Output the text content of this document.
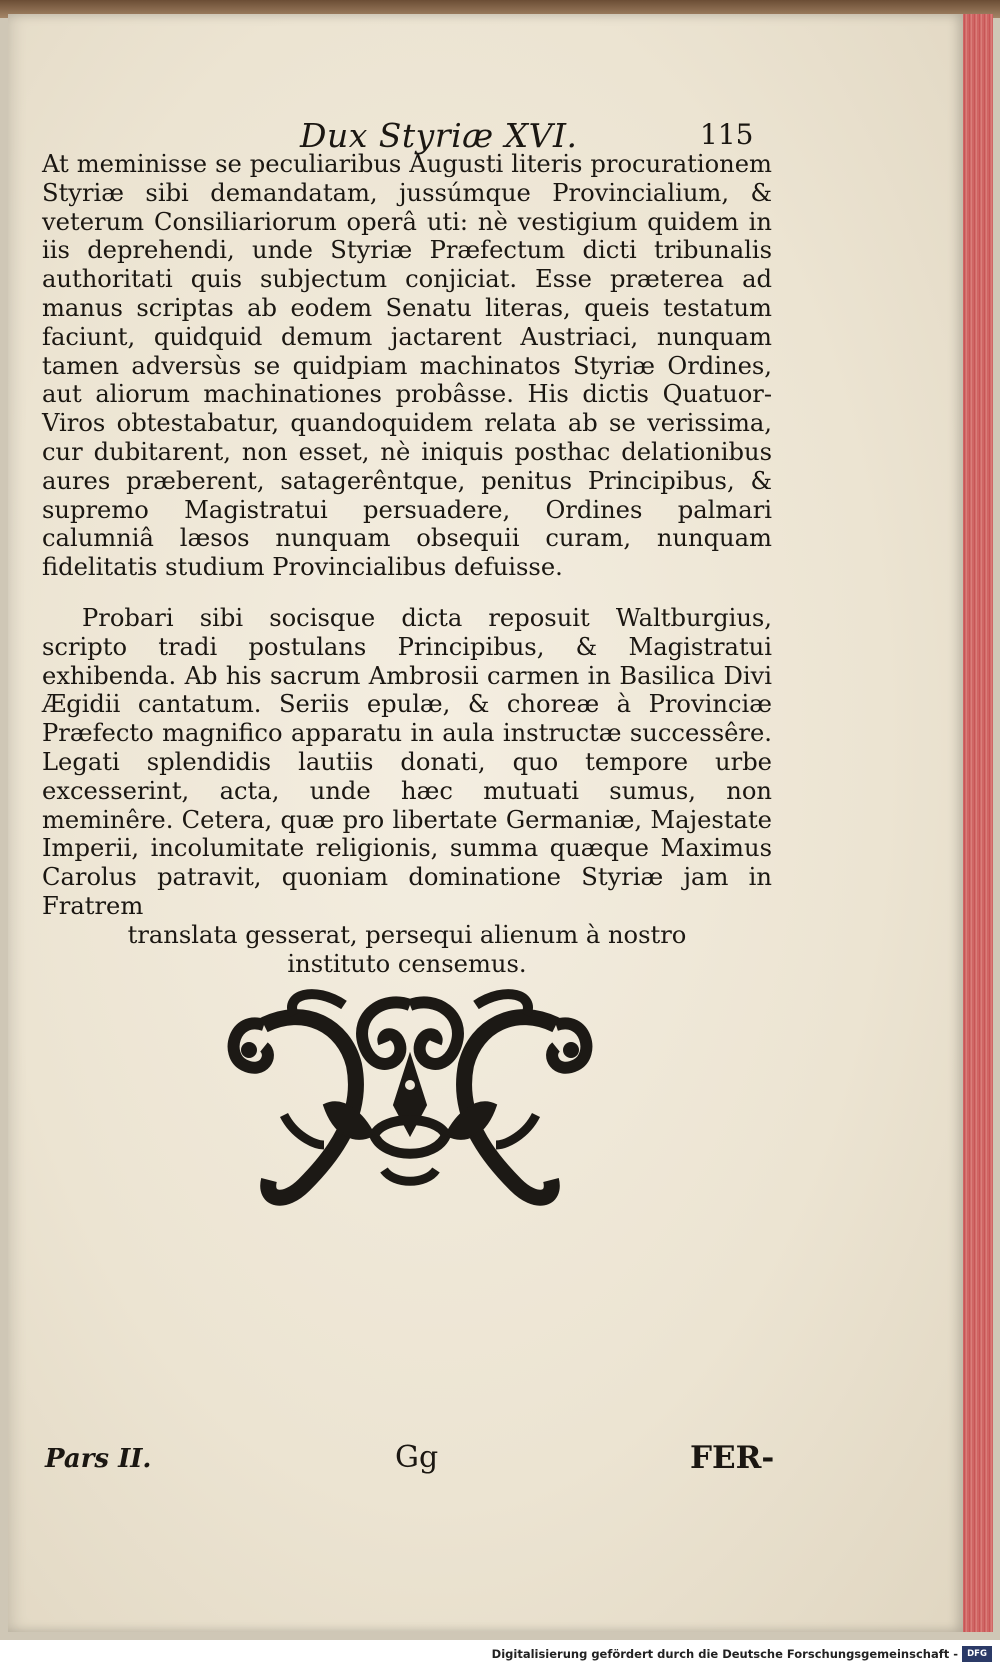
Dux Styriæ XVI.	115

At meminisse se peculiaribus Augusti literis procurationem Styriæ sibi demandatam, jussúmque Provincialium, & veterum Consiliariorum operâ uti: nè vestigium quidem in iis deprehendi, unde Styriæ Præfectum dicti tribunalis authoritati quis subjectum conjiciat. Esse præterea ad manus scriptas ab eodem Senatu literas, queis testatum faciunt, quidquid demum jactarent Austriaci, nunquam tamen adversùs se quidpiam machinatos Styriæ Ordines, aut aliorum machinationes probâsse. His dictis Quatuor-Viros obtestabatur, quandoquidem relata ab se verissima, cur dubitarent, non esset, nè iniquis posthac delationibus aures præberent, satagerêntque, penitus Principibus, & supremo Magistratui persuadere, Ordines palmari calumniâ læsos nunquam obsequii curam, nunquam fidelitatis studium Provincialibus defuisse.

Probari sibi socisque dicta reposuit Waltburgius, scripto tradi postulans Principibus, & Magistratui exhibenda. Ab his sacrum Ambrosii carmen in Basilica Divi Ægidii cantatum. Seriis epulæ, & choreæ à Provinciæ Præfecto magnifico apparatu in aula instructæ successêre. Legati splendidis lautiis donati, quo tempore urbe excesserint, acta, unde hæc mutuati sumus, non meminêre. Cetera, quæ pro libertate Germaniæ, Majestate Imperii, incolumitate religionis, summa quæque Maximus Carolus patravit, quoniam dominatione Styriæ jam in Fratrem

translata gesserat, persequi alienum à nostro
instituto censemus.
Pars II.	Gg	FER-
Digitalisierung gefördert durch die Deutsche Forschungsgemeinschaft -	DFG
